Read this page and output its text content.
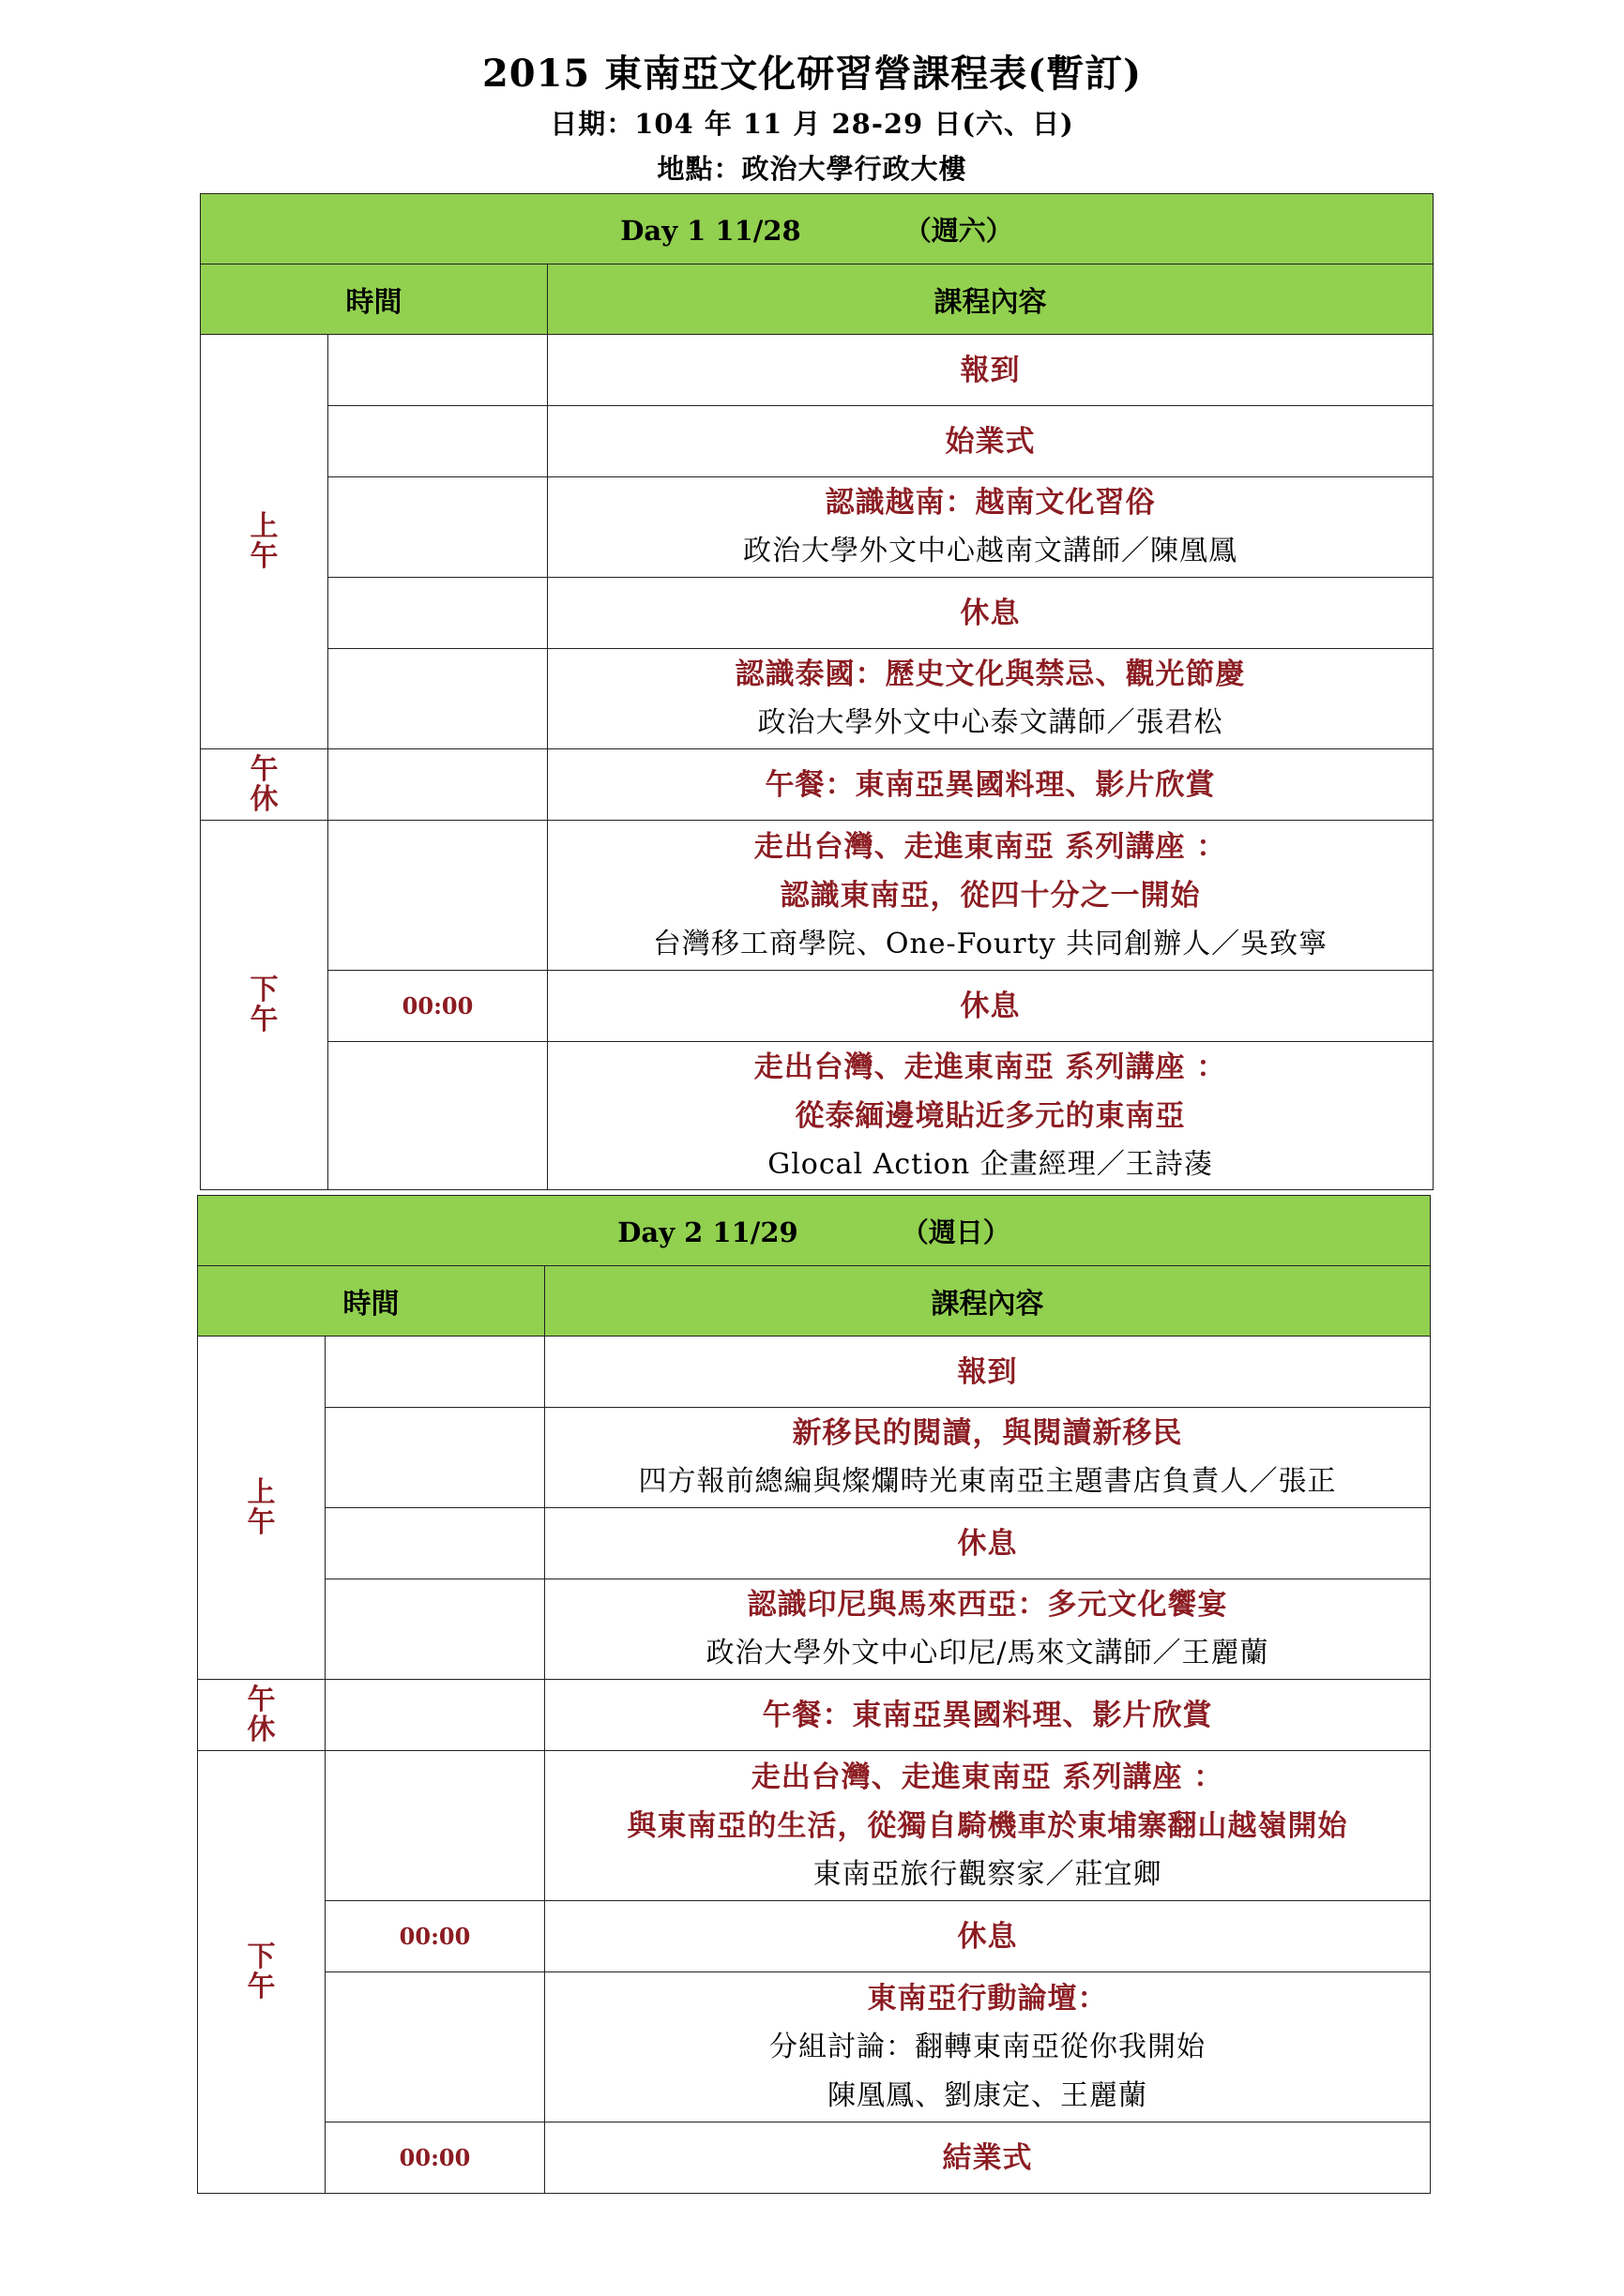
2015 東南亞文化研習營課程表(暫訂)
日期：104 年 11 月 28-29 日(六、日)
地點：政治大學行政大樓
Day 1 11/28 （週六）		
時間		課程內容

上午		報到
		始業式

		認識越南：越南文化習俗
政治大學外文中心越南文講師／陳凰鳳

		休息

		認識泰國：歷史文化與禁忌、觀光節慶
政治大學外文中心泰文講師／張君松

午休		午餐：東南亞異國料理、影片欣賞

下午		走出台灣、走進東南亞 系列講座 ：
認識東南亞，從四十分之一開始
台灣移工商學院、One-Fourty 共同創辦人／吳致寧

	00:00	休息

		走出台灣、走進東南亞 系列講座 ：
從泰緬邊境貼近多元的東南亞
Glocal Action 企畫經理／王詩蓤
Day 2 11/29 （週日）		
時間		課程內容

上午		報到

		新移民的閱讀，與閱讀新移民
四方報前總編與燦爛時光東南亞主題書店負責人／張正

		休息

		認識印尼與馬來西亞：多元文化饗宴
政治大學外文中心印尼/馬來文講師／王麗蘭

午休		午餐：東南亞異國料理、影片欣賞

下午		走出台灣、走進東南亞 系列講座 ：
與東南亞的生活，從獨自騎機車於東埔寨翻山越嶺開始
東南亞旅行觀察家／莊宜卿

	00:00	休息

		東南亞行動論壇：
分組討論：翻轉東南亞從你我開始
陳凰鳳、劉康定、王麗蘭

	00:00	結業式
